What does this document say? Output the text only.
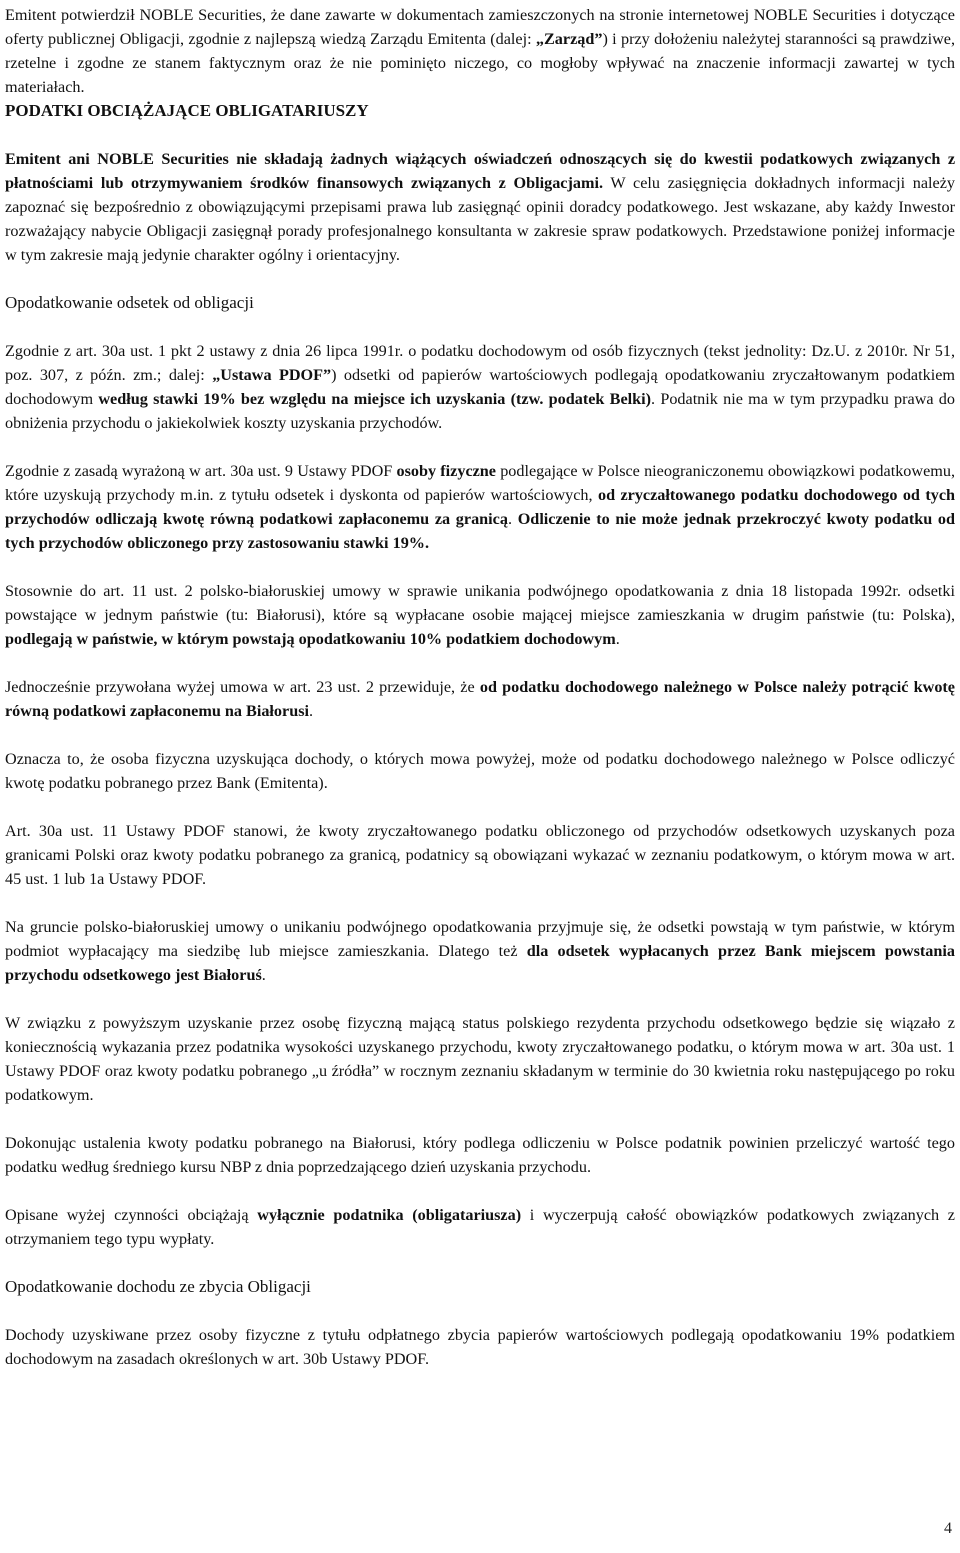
Emitent potwierdził NOBLE Securities, że dane zawarte w dokumentach zamieszczonych na stronie internetowej NOBLE Securities i dotyczące oferty publicznej Obligacji, zgodnie z najlepszą wiedzą Zarządu Emitenta (dalej: „Zarząd”) i przy dołożeniu należytej staranności są prawdziwe, rzetelne i zgodne ze stanem faktycznym oraz że nie pominięto niczego, co mogłoby wpływać na znaczenie informacji zawartej w tych materiałach.

PODATKI OBCIĄŻAJĄCE OBLIGATARIUSZY

Emitent ani NOBLE Securities nie składają żadnych wiążących oświadczeń odnoszących się do kwestii podatkowych związanych z płatnościami lub otrzymywaniem środków finansowych związanych z Obligacjami. W celu zasięgnięcia dokładnych informacji należy zapoznać się bezpośrednio z obowiązującymi przepisami prawa lub zasięgnąć opinii doradcy podatkowego. Jest wskazane, aby każdy Inwestor rozważający nabycie Obligacji zasięgnął porady profesjonalnego konsultanta w zakresie spraw podatkowych. Przedstawione poniżej informacje w tym zakresie mają jedynie charakter ogólny i orientacyjny.

Opodatkowanie odsetek od obligacji

Zgodnie z art. 30a ust. 1 pkt 2 ustawy z dnia 26 lipca 1991r. o podatku dochodowym od osób fizycznych (tekst jednolity: Dz.U. z 2010r. Nr 51, poz. 307, z późn. zm.; dalej: „Ustawa PDOF”) odsetki od papierów wartościowych podlegają opodatkowaniu zryczałtowanym podatkiem dochodowym według stawki 19% bez względu na miejsce ich uzyskania (tzw. podatek Belki). Podatnik nie ma w tym przypadku prawa do obniżenia przychodu o jakiekolwiek koszty uzyskania przychodów.

Zgodnie z zasadą wyrażoną w art. 30a ust. 9 Ustawy PDOF osoby fizyczne podlegające w Polsce nieograniczonemu obowiązkowi podatkowemu, które uzyskują przychody m.in. z tytułu odsetek i dyskonta od papierów wartościowych, od zryczałtowanego podatku dochodowego od tych przychodów odliczają kwotę równą podatkowi zapłaconemu za granicą. Odliczenie to nie może jednak przekroczyć kwoty podatku od tych przychodów obliczonego przy zastosowaniu stawki 19%.

Stosownie do art. 11 ust. 2 polsko-białoruskiej umowy w sprawie unikania podwójnego opodatkowania z dnia 18 listopada 1992r. odsetki powstające w jednym państwie (tu: Białorusi), które są wypłacane osobie mającej miejsce zamieszkania w drugim państwie (tu: Polska), podlegają w państwie, w którym powstają opodatkowaniu 10% podatkiem dochodowym.

Jednocześnie przywołana wyżej umowa w art. 23 ust. 2 przewiduje, że od podatku dochodowego należnego w Polsce należy potrącić kwotę równą podatkowi zapłaconemu na Białorusi.

Oznacza to, że osoba fizyczna uzyskująca dochody, o których mowa powyżej, może od podatku dochodowego należnego w Polsce odliczyć kwotę podatku pobranego przez Bank (Emitenta).

Art. 30a ust. 11 Ustawy PDOF stanowi, że kwoty zryczałtowanego podatku obliczonego od przychodów odsetkowych uzyskanych poza granicami Polski oraz kwoty podatku pobranego za granicą, podatnicy są obowiązani wykazać w zeznaniu podatkowym, o którym mowa w art. 45 ust. 1 lub 1a Ustawy PDOF.

Na gruncie polsko-białoruskiej umowy o unikaniu podwójnego opodatkowania przyjmuje się, że odsetki powstają w tym państwie, w którym podmiot wypłacający ma siedzibę lub miejsce zamieszkania. Dlatego też dla odsetek wypłacanych przez Bank miejscem powstania przychodu odsetkowego jest Białoruś.

W związku z powyższym uzyskanie przez osobę fizyczną mającą status polskiego rezydenta przychodu odsetkowego będzie się wiązało z koniecznością wykazania przez podatnika wysokości uzyskanego przychodu, kwoty zryczałtowanego podatku, o którym mowa w art. 30a ust. 1 Ustawy PDOF oraz kwoty podatku pobranego „u źródła” w rocznym zeznaniu składanym w terminie do 30 kwietnia roku następującego po roku podatkowym.

Dokonując ustalenia kwoty podatku pobranego na Białorusi, który podlega odliczeniu w Polsce podatnik powinien przeliczyć wartość tego podatku według średniego kursu NBP z dnia poprzedzającego dzień uzyskania przychodu.

Opisane wyżej czynności obciążają wyłącznie podatnika (obligatariusza) i wyczerpują całość obowiązków podatkowych związanych z otrzymaniem tego typu wypłaty.

Opodatkowanie dochodu ze zbycia Obligacji

Dochody uzyskiwane przez osoby fizyczne z tytułu odpłatnego zbycia papierów wartościowych podlegają opodatkowaniu 19% podatkiem dochodowym na zasadach określonych w art. 30b Ustawy PDOF.

4
